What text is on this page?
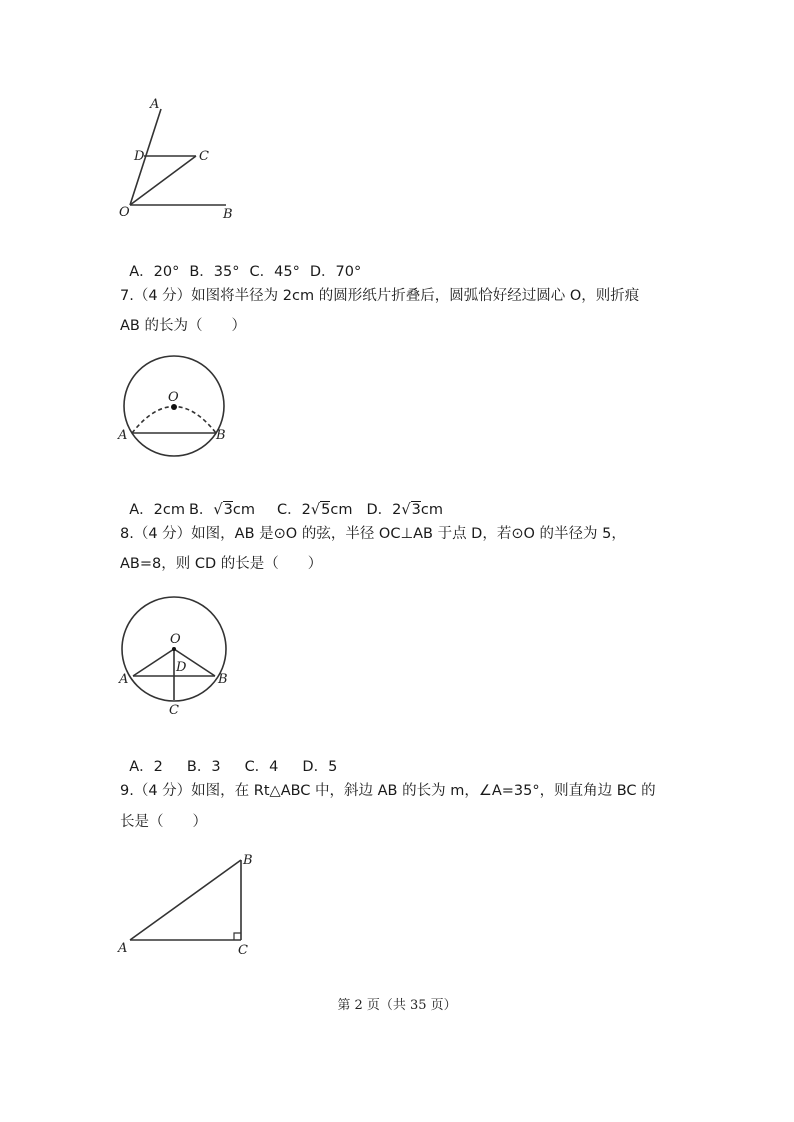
A
D	C
O	B

A．20° B．35° C．45° D．70°

7.（4 分）如图将半径为 2cm 的圆形纸片折叠后，圆弧恰好经过圆心 O，则折痕
AB 的长为（　　）
O
A	B

A．2cm B．√3cm C．2√5cm D．2√3cm

8.（4 分）如图，AB 是⊙O 的弦，半径 OC⊥AB 于点 D，若⊙O 的半径为 5，
AB=8，则 CD 的长是（　　）
O
D
A	B
C

A．2 B．3 C．4 D．5

9.（4 分）如图，在 Rt△ABC 中，斜边 AB 的长为 m，∠A=35°，则直角边 BC 的
长是（　　）
B
A	C
第 2 页（共 35 页）
